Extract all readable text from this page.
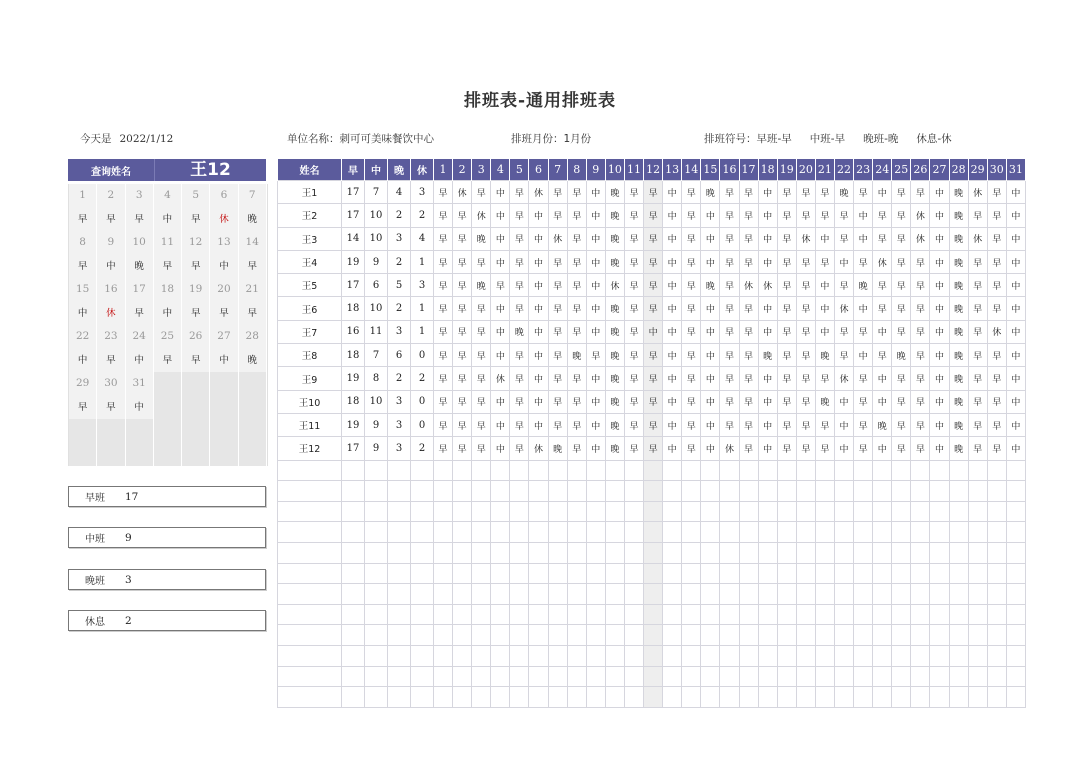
排班表-通用排班表
今天是 2022/1/12	单位名称：刺可可美味餐饮中心	排班月份：1月份	排班符号：早班-早 中班-早 晚班-晚 休息-休
查询姓名	王12
1	2	3	4	5	6	7
早	早	早	中	早	休	晚
8	9	10	11	12	13	14
早	中	晚	早	早	中	早
15	16	17	18	19	20	21
中	休	早	中	早	早	早
22	23	24	25	26	27	28
中	早	中	早	早	中	晚
29	30	31
早	早	中
早班	17
中班	9
晚班	3
休息	2
姓名	早	中	晚	休	1	2	3	4	5	6	7	8	9	10	11	12	13	14	15	16	17	18	19	20	21	22	23	24	25	26	27	28	29	30	31
王1	17	7	4	3	早	休	早	中	早	休	早	早	中	晚	早	早	中	早	晚	早	早	中	早	早	早	晚	早	中	早	早	中	晚	休	早	中
王2	17	10	2	2	早	早	休	中	早	中	早	早	中	晚	早	早	中	早	中	早	早	中	早	早	早	早	中	早	早	休	中	晚	早	早	中
王3	14	10	3	4	早	早	晚	中	早	中	休	早	中	晚	早	早	中	早	中	早	早	中	早	休	中	早	中	早	早	休	中	晚	休	早	中
王4	19	9	2	1	早	早	早	中	早	中	早	早	中	晚	早	早	中	早	中	早	早	中	早	早	早	中	早	休	早	早	中	晚	早	早	中
王5	17	6	5	3	早	早	晚	早	早	中	早	早	中	休	早	早	中	早	晚	早	休	休	早	早	中	早	晚	早	早	早	中	晚	早	早	中
王6	18	10	2	1	早	早	早	中	早	中	早	早	中	晚	早	早	中	早	中	早	早	中	早	早	中	休	中	早	早	早	中	晚	早	早	中
王7	16	11	3	1	早	早	早	中	晚	中	早	早	中	晚	早	中	中	早	中	早	早	中	早	早	中	早	早	中	早	早	中	晚	早	休	中
王8	18	7	6	0	早	早	早	中	早	中	早	晚	早	晚	早	早	中	早	中	早	早	晚	早	早	晚	早	中	早	晚	早	中	晚	早	早	中
王9	19	8	2	2	早	早	早	休	早	中	早	早	中	晚	早	早	中	早	中	早	早	中	早	早	早	休	早	中	早	早	中	晚	早	早	中
王10	18	10	3	0	早	早	早	中	早	中	早	早	中	晚	早	早	中	早	中	早	早	中	早	早	晚	中	早	中	早	早	中	晚	早	早	中
王11	19	9	3	0	早	早	早	中	早	中	早	早	中	晚	早	早	中	早	中	早	早	中	早	早	早	中	早	晚	早	早	中	晚	早	早	中
王12	17	9	3	2	早	早	早	中	早	休	晚	早	中	晚	早	早	中	早	中	休	早	中	早	早	早	中	早	中	早	早	中	晚	早	早	中
